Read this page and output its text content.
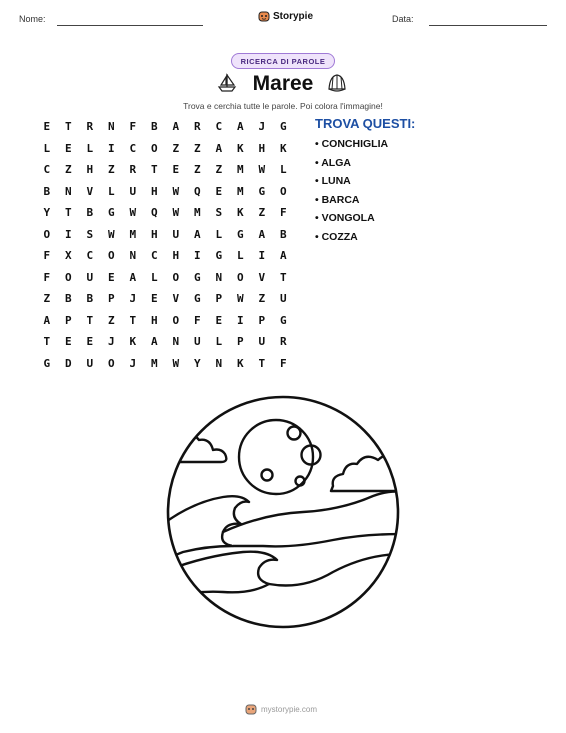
Nome:	Storypie	Data:
RICERCA DI PAROLE
Maree
Trova e cerchia tutte le parole. Poi colora l'immagine!
E	T	R	N	F	B	A	R	C	A	J	G
L	E	L	I	C	O	Z	Z	A	K	H	K
C	Z	H	Z	R	T	E	Z	Z	M	W	L
B	N	V	L	U	H	W	Q	E	M	G	O
Y	T	B	G	W	Q	W	M	S	K	Z	F
O	I	S	W	M	H	U	A	L	G	A	B
F	X	C	O	N	C	H	I	G	L	I	A
F	O	U	E	A	L	O	G	N	O	V	T
Z	B	B	P	J	E	V	G	P	W	Z	U
A	P	T	Z	T	H	O	F	E	I	P	G
T	E	E	J	K	A	N	U	L	P	U	R
G	D	U	O	J	M	W	Y	N	K	T	F
TROVA QUESTI:
• CONCHIGLIA
• ALGA
• LUNA
• BARCA
• VONGOLA
• COZZA
mystorypie.com
